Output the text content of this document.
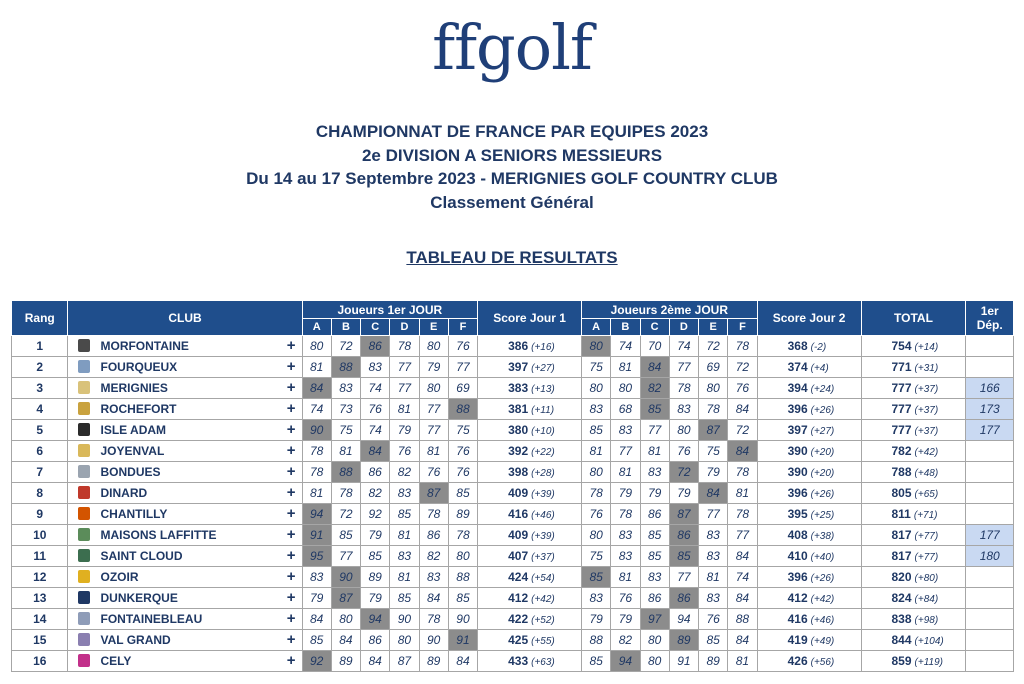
ffgolf
CHAMPIONNAT DE FRANCE PAR EQUIPES 2023
2e DIVISION A SENIORS MESSIEURS
Du 14 au 17 Septembre 2023 - MERIGNIES GOLF COUNTRY CLUB
Classement Général
TABLEAU DE RESULTATS
Rang	CLUB	Joueurs 1er JOUR						Score Jour 1	Joueurs 2ème JOUR						Score Jour 2	TOTAL	1er Dép.
		A	B	C	D	E	F		A	B	C	D	E	F			
1	MORFONTAINE +	80	72	86	78	80	76	386 (+16)	80	74	70	74	72	78	368 (-2)	754 (+14)	
2	FOURQUEUX +	81	88	83	77	79	77	397 (+27)	75	81	84	77	69	72	374 (+4)	771 (+31)	
3	MERIGNIES +	84	83	74	77	80	69	383 (+13)	80	80	82	78	80	76	394 (+24)	777 (+37)	166
4	ROCHEFORT +	74	73	76	81	77	88	381 (+11)	83	68	85	83	78	84	396 (+26)	777 (+37)	173
5	ISLE ADAM +	90	75	74	79	77	75	380 (+10)	85	83	77	80	87	72	397 (+27)	777 (+37)	177
6	JOYENVAL +	78	81	84	76	81	76	392 (+22)	81	77	81	76	75	84	390 (+20)	782 (+42)	
7	BONDUES +	78	88	86	82	76	76	398 (+28)	80	81	83	72	79	78	390 (+20)	788 (+48)	
8	DINARD +	81	78	82	83	87	85	409 (+39)	78	79	79	79	84	81	396 (+26)	805 (+65)	
9	CHANTILLY +	94	72	92	85	78	89	416 (+46)	76	78	86	87	77	78	395 (+25)	811 (+71)	
10	MAISONS LAFFITTE +	91	85	79	81	86	78	409 (+39)	80	83	85	86	83	77	408 (+38)	817 (+77)	177
11	SAINT CLOUD +	95	77	85	83	82	80	407 (+37)	75	83	85	85	83	84	410 (+40)	817 (+77)	180
12	OZOIR +	83	90	89	81	83	88	424 (+54)	85	81	83	77	81	74	396 (+26)	820 (+80)	
13	DUNKERQUE +	79	87	79	85	84	85	412 (+42)	83	76	86	86	83	84	412 (+42)	824 (+84)	
14	FONTAINEBLEAU +	84	80	94	90	78	90	422 (+52)	79	79	97	94	76	88	416 (+46)	838 (+98)	
15	VAL GRAND +	85	84	86	80	90	91	425 (+55)	88	82	80	89	85	84	419 (+49)	844 (+104)	
16	CELY +	92	89	84	87	89	84	433 (+63)	85	94	80	91	89	81	426 (+56)	859 (+119)	
